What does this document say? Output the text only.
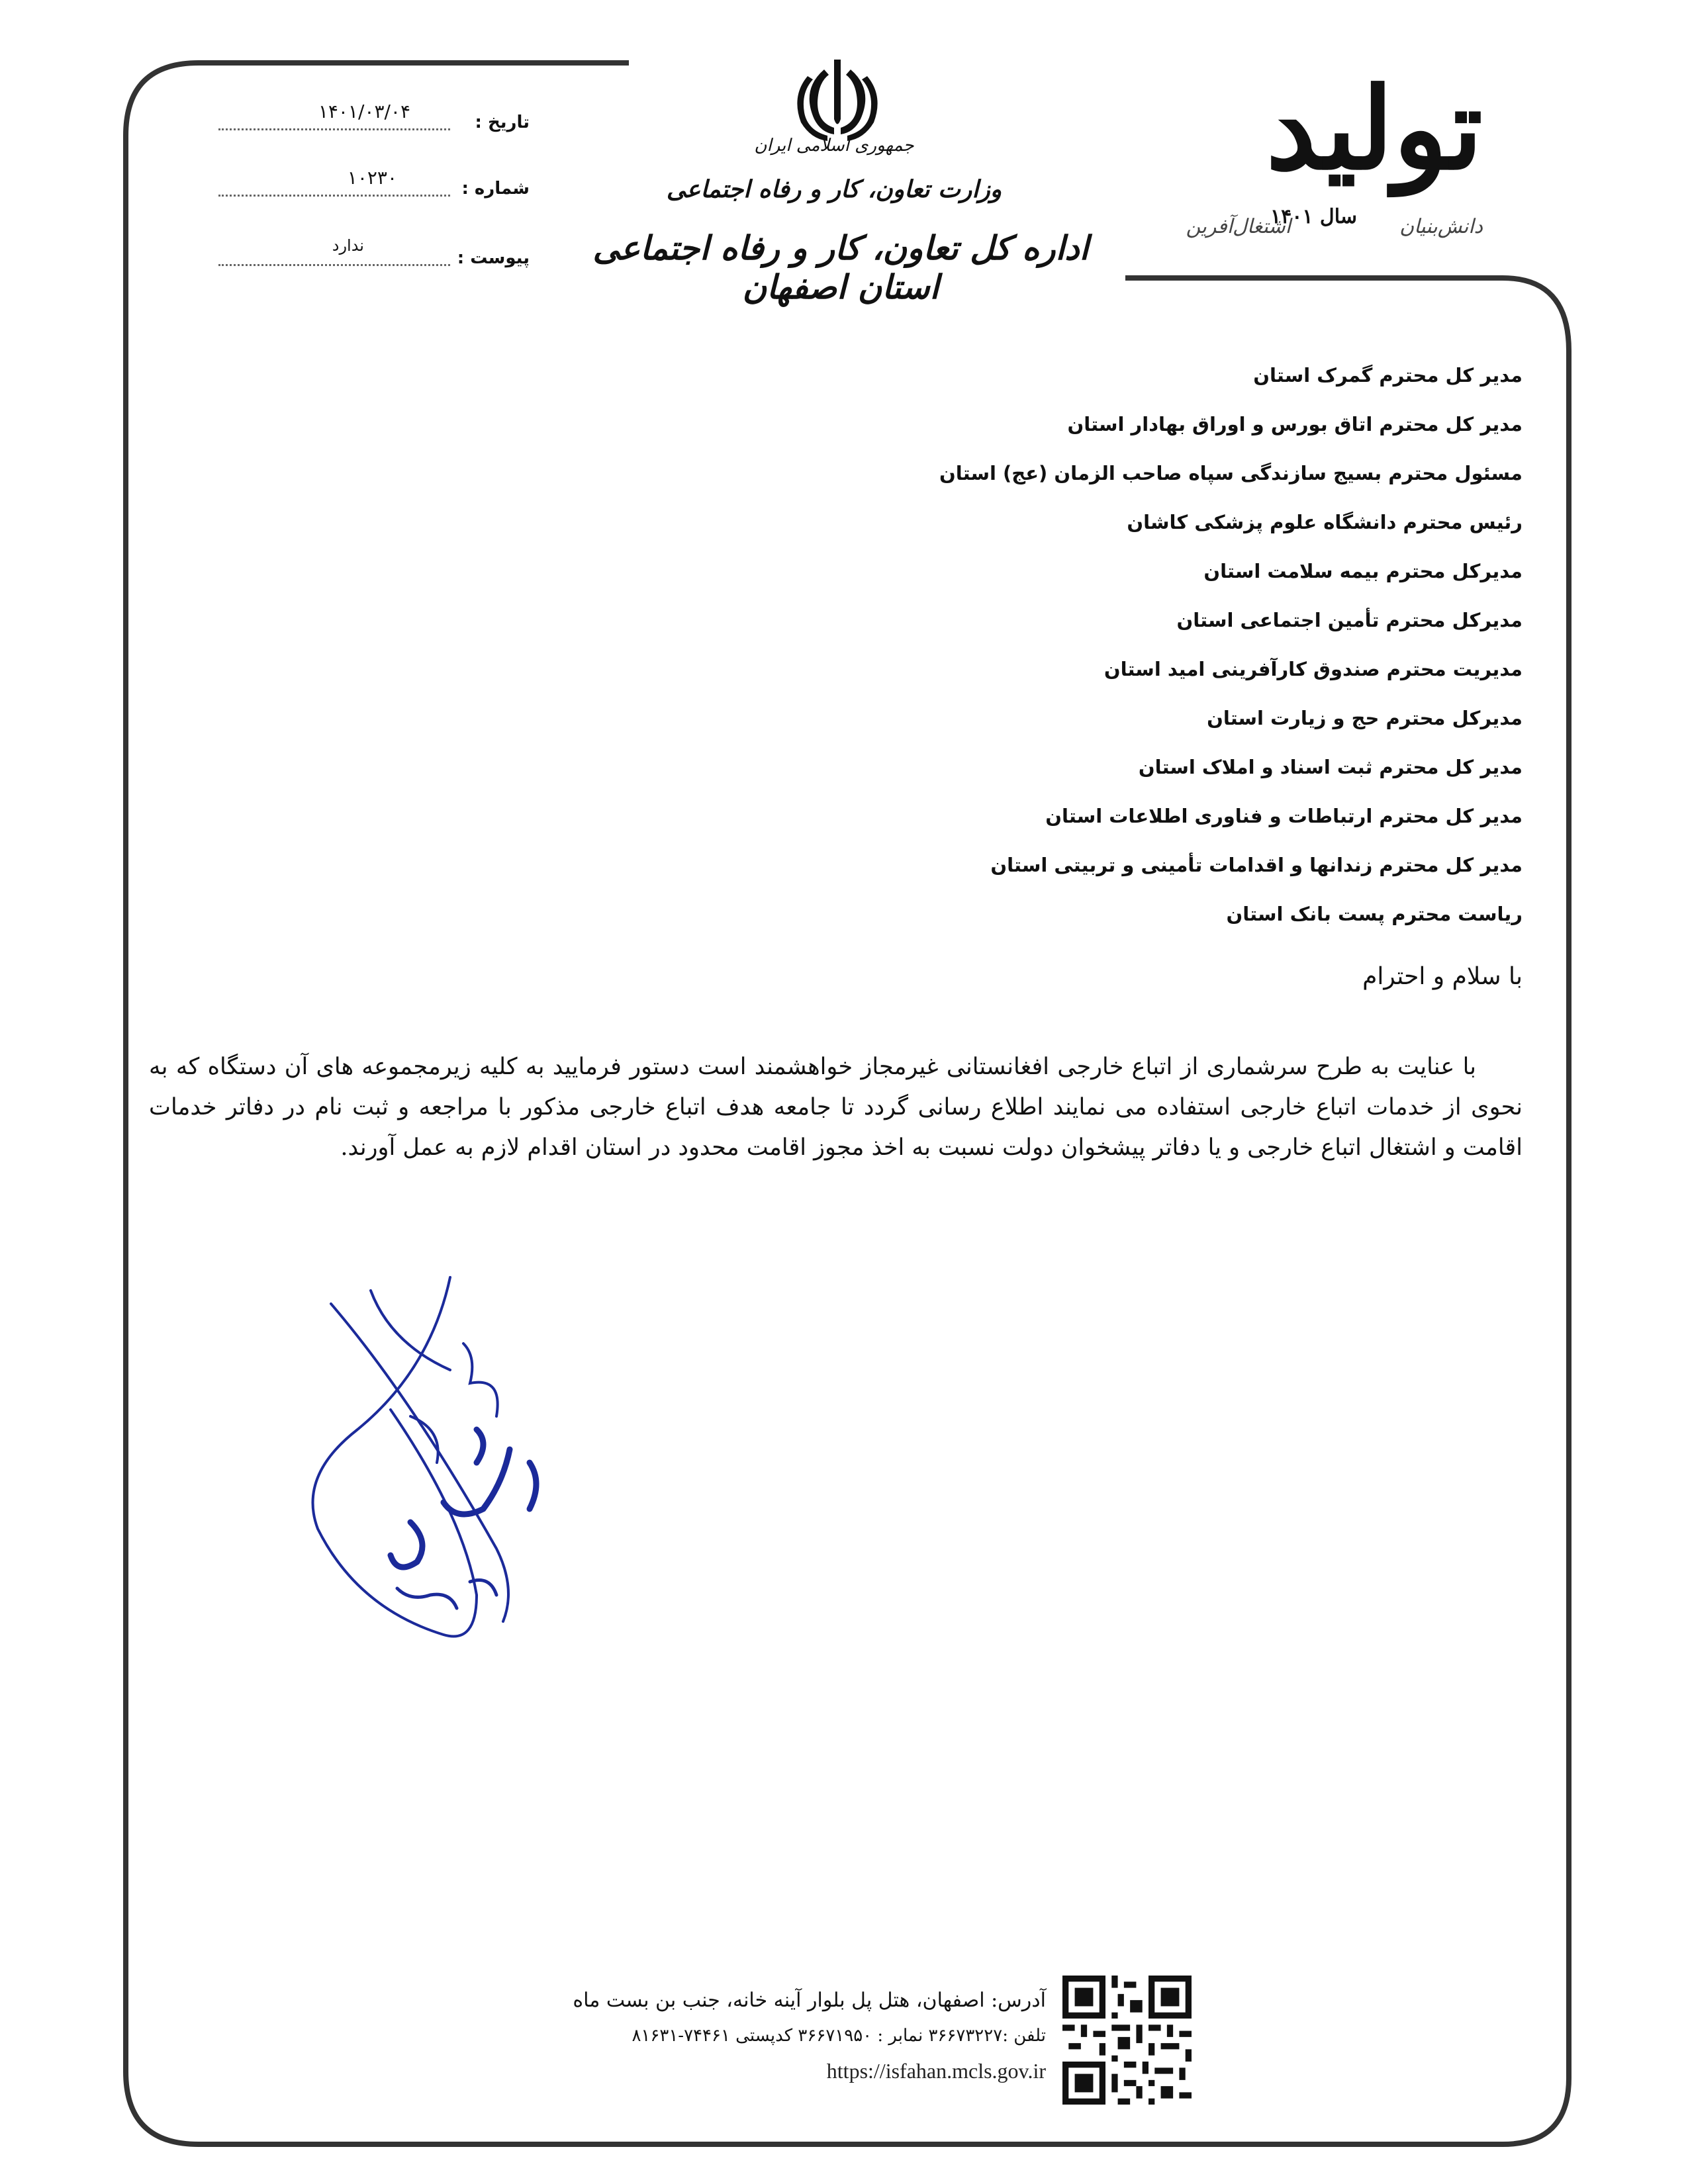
جمهوری اسلامی ایران
وزارت تعاون، کار و رفاه اجتماعی
اداره کل تعاون، کار و رفاه اجتماعی استان اصفهان
تولید
دانش‌بنیان
سال ۱۴۰۱
اشتغال‌آفرین
تاریخ :
۱۴۰۱/۰۳/۰۴
شماره :
۱۰۲۳۰
پیوست :
ندارد
مدیر کل محترم گمرک استان
مدیر کل محترم اتاق بورس و اوراق بهادار استان
مسئول محترم بسیج سازندگی سپاه صاحب الزمان (عج) استان
رئیس محترم دانشگاه علوم پزشکی کاشان
مدیرکل محترم بیمه سلامت استان
مدیرکل محترم تأمین اجتماعی استان
مدیریت محترم صندوق کارآفرینی امید استان
مدیرکل محترم حج و زیارت استان
مدیر کل محترم ثبت اسناد و املاک استان
مدیر کل محترم ارتباطات و فناوری اطلاعات استان
مدیر کل محترم زندانها و اقدامات تأمینی و تربیتی استان
ریاست محترم پست بانک استان
با سلام و احترام
با عنایت به طرح سرشماری از اتباع خارجی افغانستانی غیرمجاز خواهشمند است دستور فرمایید به کلیه زیرمجموعه های آن دستگاه که به نحوی از خدمات اتباع خارجی استفاده می نمایند اطلاع رسانی گردد تا جامعه هدف اتباع خارجی مذکور با مراجعه و ثبت نام در دفاتر خدمات اقامت و اشتغال اتباع خارجی و یا دفاتر پیشخوان دولت نسبت به اخذ مجوز اقامت محدود در استان اقدام لازم به عمل آورند.
آدرس: اصفهان، هتل پل بلوار آینه خانه، جنب بن بست ماه
تلفن :۳۶۶۷۳۲۲۷ نمابر : ۳۶۶۷۱۹۵۰ کدپستی ۷۴۴۶۱-۸۱۶۳۱
https://isfahan.mcls.gov.ir
